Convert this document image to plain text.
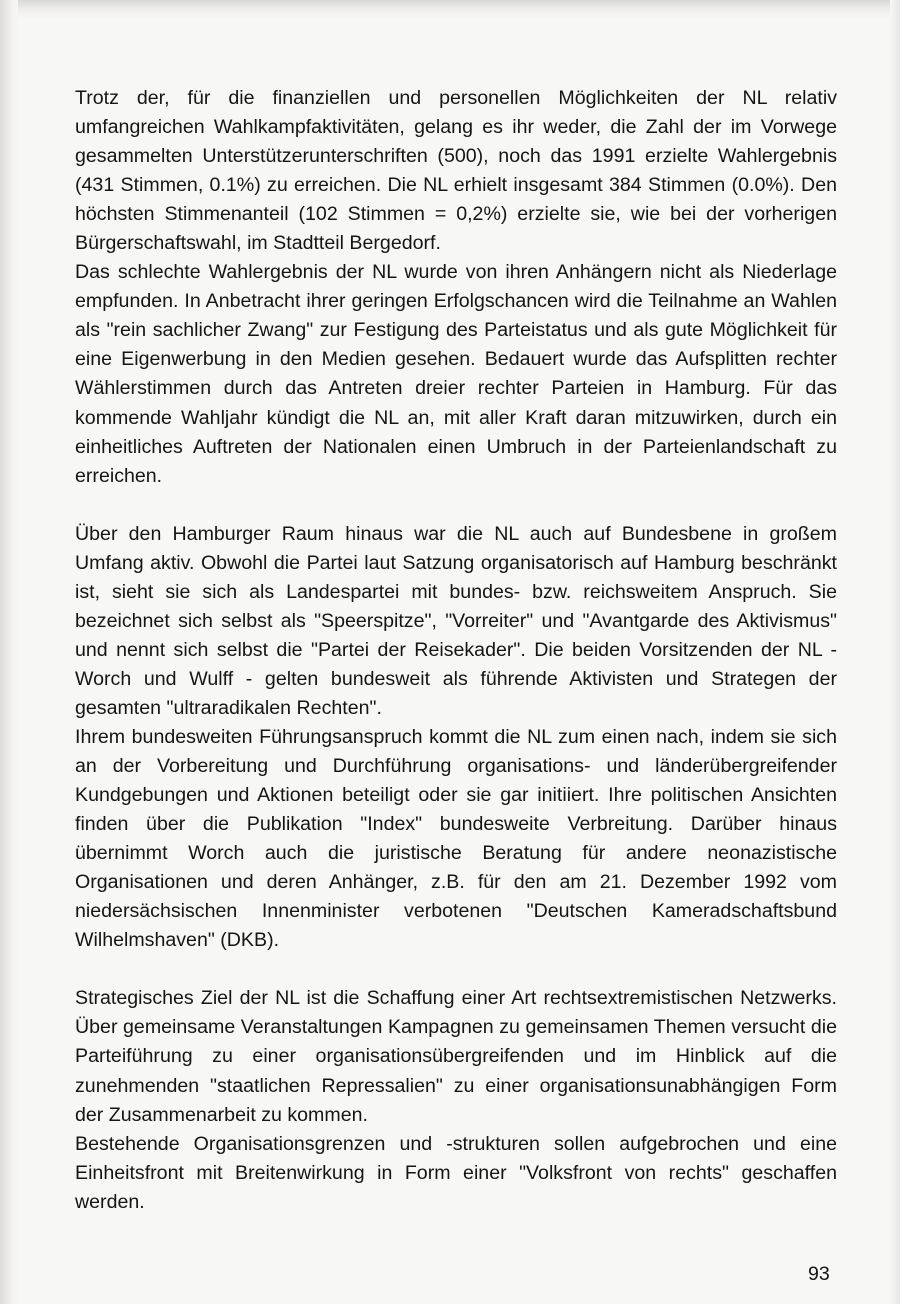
Trotz der, für die finanziellen und personellen Möglichkeiten der NL relativ umfangreichen Wahlkampfaktivitäten, gelang es ihr weder, die Zahl der im Vorwege gesammelten Unterstützerunterschriften (500), noch das 1991 erzielte Wahlergebnis (431 Stimmen, 0.1%) zu erreichen. Die NL erhielt insgesamt 384 Stimmen (0.0%). Den höchsten Stimmenanteil (102 Stimmen = 0,2%) erzielte sie, wie bei der vorherigen Bürgerschaftswahl, im Stadtteil Bergedorf.

Das schlechte Wahlergebnis der NL wurde von ihren Anhängern nicht als Niederlage empfunden. In Anbetracht ihrer geringen Erfolgschancen wird die Teilnahme an Wahlen als "rein sachlicher Zwang" zur Festigung des Parteistatus und als gute Möglichkeit für eine Eigenwerbung in den Medien gesehen. Bedauert wurde das Aufsplitten rechter Wählerstimmen durch das Antreten dreier rechter Parteien in Hamburg. Für das kommende Wahljahr kündigt die NL an, mit aller Kraft daran mitzuwirken, durch ein einheitliches Auftreten der Nationalen einen Umbruch in der Parteienlandschaft zu erreichen.

Über den Hamburger Raum hinaus war die NL auch auf Bundesbene in großem Umfang aktiv. Obwohl die Partei laut Satzung organisatorisch auf Hamburg beschränkt ist, sieht sie sich als Landespartei mit bundes- bzw. reichsweitem Anspruch. Sie bezeichnet sich selbst als "Speerspitze", "Vorreiter" und "Avantgarde des Aktivismus" und nennt sich selbst die "Partei der Reisekader". Die beiden Vorsitzenden der NL - Worch und Wulff - gelten bundesweit als führende Aktivisten und Strategen der gesamten "ultraradikalen Rechten".

Ihrem bundesweiten Führungsanspruch kommt die NL zum einen nach, indem sie sich an der Vorbereitung und Durchführung organisations- und länderübergreifender Kundgebungen und Aktionen beteiligt oder sie gar initiiert. Ihre politischen Ansichten finden über die Publikation "Index" bundesweite Verbreitung. Darüber hinaus übernimmt Worch auch die juristische Beratung für andere neonazistische Organisationen und deren Anhänger, z.B. für den am 21. Dezember 1992 vom niedersächsischen Innenminister verbotenen "Deutschen Kameradschaftsbund Wilhelmshaven" (DKB).

Strategisches Ziel der NL ist die Schaffung einer Art rechtsextremistischen Netzwerks. Über gemeinsame Veranstaltungen Kampagnen zu gemeinsamen Themen versucht die Parteiführung zu einer organisationsübergreifenden und im Hinblick auf die zunehmenden "staatlichen Repressalien" zu einer organisationsunabhängigen Form der Zusammenarbeit zu kommen.

Bestehende Organisationsgrenzen und -strukturen sollen aufgebrochen und eine Einheitsfront mit Breitenwirkung in Form einer "Volksfront von rechts" geschaffen werden.

93
